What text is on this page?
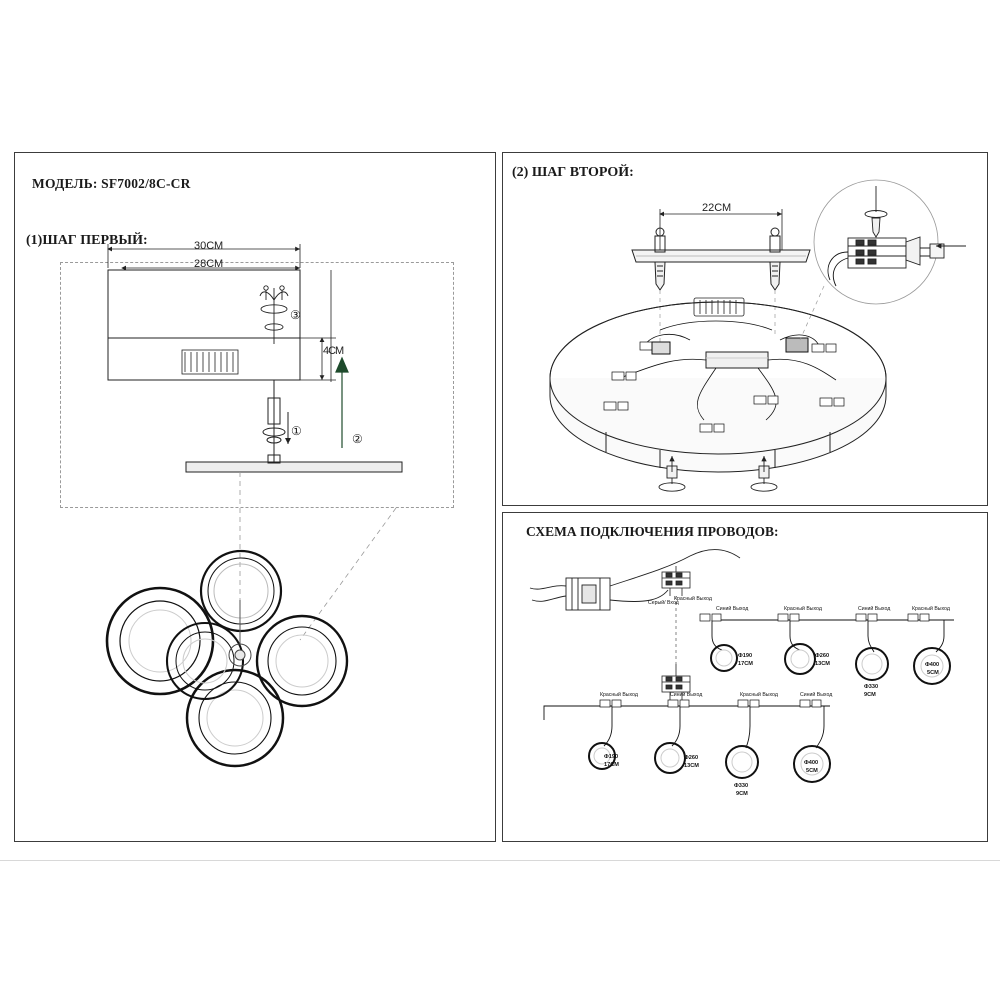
МОДЕЛЬ: SF7002/8C-CR
(1)ШАГ ПЕРВЫЙ:
(2) ШАГ ВТОРОЙ:
СХЕМА ПОДКЛЮЧЕНИЯ ПРОВОДОВ:
30СМ
28СМ
4СМ
22СМ
①
②
③
Серый/ Вход
Красный Выход
Синий Выход	Красный Выход	Синий Выход	Красный Выход
Красный Выход	Синий Выход	Красный Выход	Синий Выход
Ф190
17СМ
Ф260
13СМ
Ф330
9СМ
Ф400
5СМ
Ф190
17СМ
Ф260
13СМ
Ф330
9СМ
Ф400
5СМ
